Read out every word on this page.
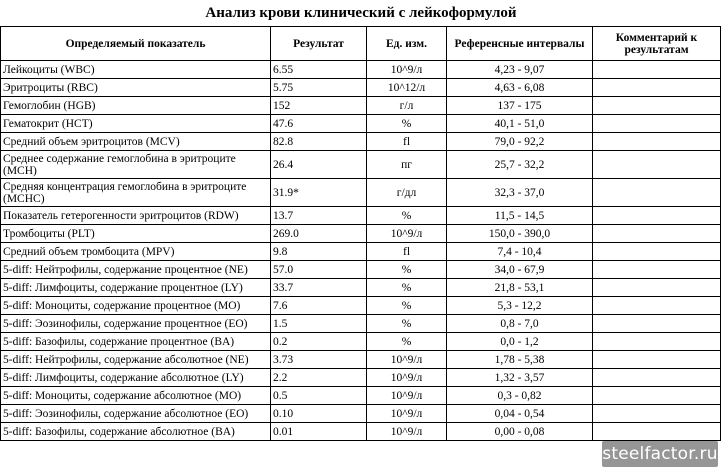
Анализ крови клинический с лейкоформулой
Определяемый показатель	Результат	Ед. изм.	Референсные интервалы	Комментарий к результатам
Лейкоциты (WBC)	6.55	10^9/л	4,23 - 9,07	
Эритроциты (RBC)	5.75	10^12/л	4,63 - 6,08	
Гемоглобин (HGB)	152	г/л	137 - 175	
Гематокрит (HCT)	47.6	%	40,1 - 51,0	
Средний объем эритроцитов (MCV)	82.8	fl	79,0 - 92,2	
Среднее содержание гемоглобина в эритроците (MCH)	26.4	пг	25,7 - 32,2	
Средняя концентрация гемоглобина в эритроците (MCHC)	31.9*	г/дл	32,3 - 37,0	
Показатель гетерогенности эритроцитов (RDW)	13.7	%	11,5 - 14,5	
Тромбоциты (PLT)	269.0	10^9/л	150,0 - 390,0	
Средний объем тромбоцита (MPV)	9.8	fl	7,4 - 10,4	
5-diff: Нейтрофилы, содержание процентное (NE)	57.0	%	34,0 - 67,9	
5-diff: Лимфоциты, содержание процентное (LY)	33.7	%	21,8 - 53,1	
5-diff: Моноциты, содержание процентное (MO)	7.6	%	5,3 - 12,2	
5-diff: Эозинофилы, содержание процентное (EO)	1.5	%	0,8 - 7,0	
5-diff: Базофилы, содержание процентное (BA)	0.2	%	0,0 - 1,2	
5-diff: Нейтрофилы, содержание абсолютное (NE)	3.73	10^9/л	1,78 - 5,38	
5-diff: Лимфоциты, содержание абсолютное (LY)	2.2	10^9/л	1,32 - 3,57	
5-diff: Моноциты, содержание абсолютное (MO)	0.5	10^9/л	0,3 - 0,82	
5-diff: Эозинофилы, содержание абсолютное (EO)	0.10	10^9/л	0,04 - 0,54	
5-diff: Базофилы, содержание абсолютное (BA)	0.01	10^9/л	0,00 - 0,08	
steelfactor.ru
